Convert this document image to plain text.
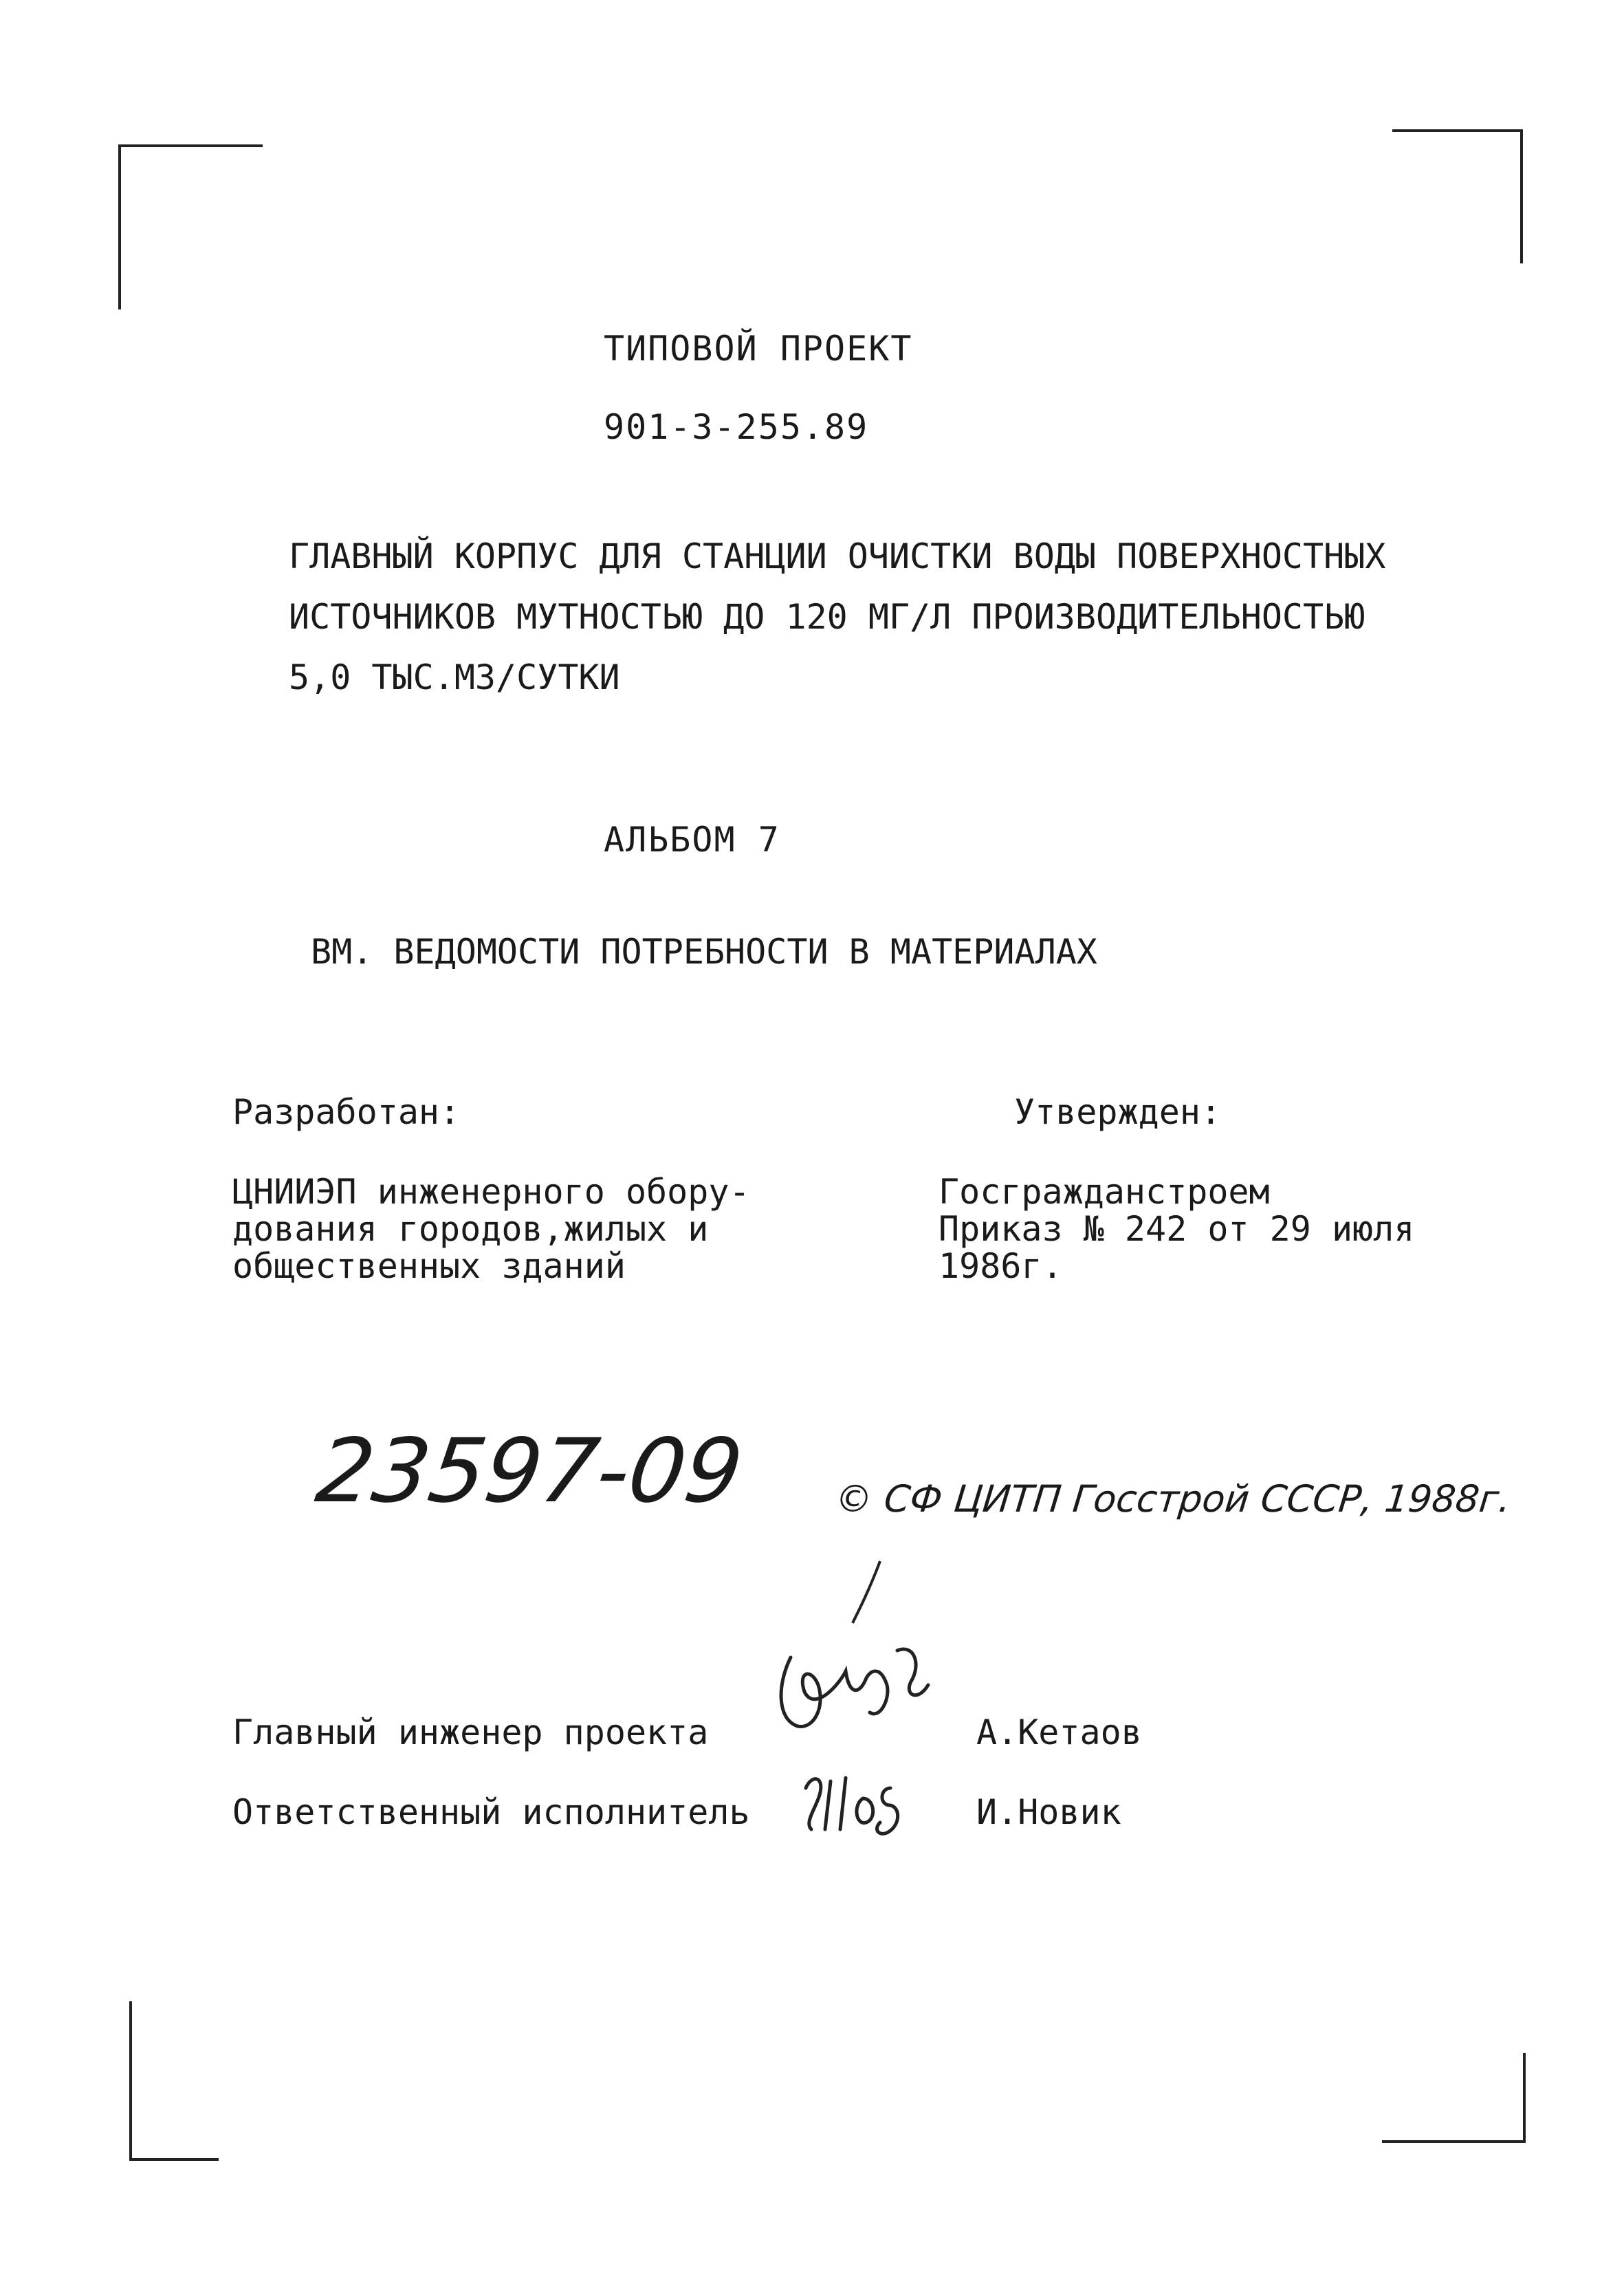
ТИПОВОЙ ПРОЕКТ
901-3-255.89
ГЛАВНЫЙ КОРПУС ДЛЯ СТАНЦИИ ОЧИСТКИ ВОДЫ ПОВЕРХНОСТНЫХ
ИСТОЧНИКОВ МУТНОСТЬЮ ДО 120 МГ/Л ПРОИЗВОДИТЕЛЬНОСТЬЮ
5,0 ТЫС.М3/СУТКИ
АЛЬБОМ 7
ВМ. ВЕДОМОСТИ ПОТРЕБНОСТИ В МАТЕРИАЛАХ
Разработан:
ЦНИИЭП инженерного обору-
дования городов,жилых и
общественных зданий
Утвержден:
Госгражданстроем
Приказ № 242 от 29 июля
1986г.
23597-09 © СФ ЦИТП Госстрой СССР, 1988г.
Главный инженер проекта	А.Кетаов
Ответственный исполнитель	И.Новик
